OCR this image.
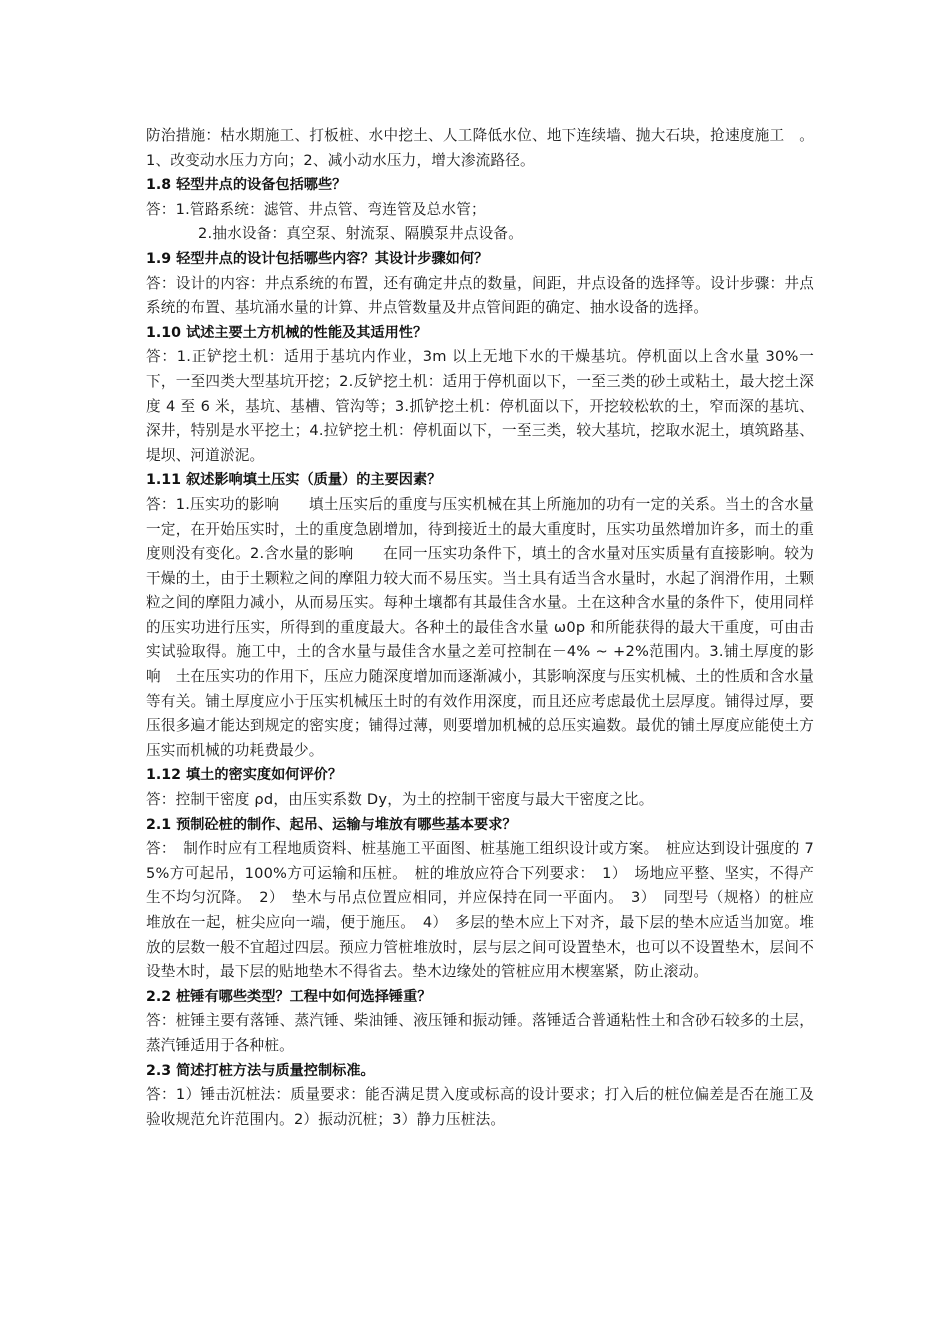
防治措施：枯水期施工、打板桩、水中挖土、人工降低水位、地下连续墙、抛大石块，抢速度施工　。1、改变动水压力方向；2、减小动水压力，增大渗流路径。

1.8 轻型井点的设备包括哪些？

答：1.管路系统：滤管、井点管、弯连管及总水管；

2.抽水设备：真空泵、射流泵、隔膜泵井点设备。

1.9 轻型井点的设计包括哪些内容？其设计步骤如何？

答：设计的内容：井点系统的布置，还有确定井点的数量，间距，井点设备的选择等。设计步骤：井点系统的布置、基坑涌水量的计算、井点管数量及井点管间距的确定、抽水设备的选择。

1.10 试述主要土方机械的性能及其适用性？

答：1.正铲挖土机：适用于基坑内作业，3m 以上无地下水的干燥基坑。停机面以上含水量 30%一下，一至四类大型基坑开挖；2.反铲挖土机：适用于停机面以下，一至三类的砂土或粘土，最大挖土深度 4 至 6 米，基坑、基槽、管沟等；3.抓铲挖土机：停机面以下，开挖较松软的土，窄而深的基坑、深井，特别是水平挖土；4.拉铲挖土机：停机面以下，一至三类，较大基坑，挖取水泥土，填筑路基、堤坝、河道淤泥。

1.11 叙述影响填土压实（质量）的主要因素？

答：1.压实功的影响　　填土压实后的重度与压实机械在其上所施加的功有一定的关系。当土的含水量一定，在开始压实时，土的重度急剧增加，待到接近土的最大重度时，压实功虽然增加许多，而土的重度则没有变化。2.含水量的影响　　在同一压实功条件下，填土的含水量对压实质量有直接影响。较为干燥的土，由于土颗粒之间的摩阻力较大而不易压实。当土具有适当含水量时，水起了润滑作用，土颗粒之间的摩阻力减小，从而易压实。每种土壤都有其最佳含水量。土在这种含水量的条件下，使用同样的压实功进行压实，所得到的重度最大。各种土的最佳含水量 ω0p 和所能获得的最大干重度，可由击实试验取得。施工中，土的含水量与最佳含水量之差可控制在－4% ~ +2%范围内。3.铺土厚度的影响　土在压实功的作用下，压应力随深度增加而逐渐减小，其影响深度与压实机械、土的性质和含水量等有关。铺土厚度应小于压实机械压土时的有效作用深度，而且还应考虑最优土层厚度。铺得过厚，要压很多遍才能达到规定的密实度；铺得过薄，则要增加机械的总压实遍数。最优的铺土厚度应能使土方压实而机械的功耗费最少。

1.12 填土的密实度如何评价？

答：控制干密度 ρd，由压实系数 Dy，为土的控制干密度与最大干密度之比。

2.1 预制砼桩的制作、起吊、运输与堆放有哪些基本要求？

答：　制作时应有工程地质资料、桩基施工平面图、桩基施工组织设计或方案。　桩应达到设计强度的 75%方可起吊，100%方可运输和压桩。　桩的堆放应符合下列要求：　1）　场地应平整、坚实，不得产生不均匀沉降。　2）　垫木与吊点位置应相同，并应保持在同一平面内。　3）　同型号（规格）的桩应堆放在一起，桩尖应向一端，便于施压。　4）　多层的垫木应上下对齐，最下层的垫木应适当加宽。堆放的层数一般不宜超过四层。预应力管桩堆放时，层与层之间可设置垫木，也可以不设置垫木，层间不设垫木时，最下层的贴地垫木不得省去。垫木边缘处的管桩应用木楔塞紧，防止滚动。

2.2 桩锤有哪些类型？工程中如何选择锤重？

答：桩锤主要有落锤、蒸汽锤、柴油锤、液压锤和振动锤。落锤适合普通粘性土和含砂石较多的土层，蒸汽锤适用于各种桩。

2.3 简述打桩方法与质量控制标准。

答：1）锤击沉桩法：质量要求：能否满足贯入度或标高的设计要求；打入后的桩位偏差是否在施工及验收规范允许范围内。2）振动沉桩；3）静力压桩法。
